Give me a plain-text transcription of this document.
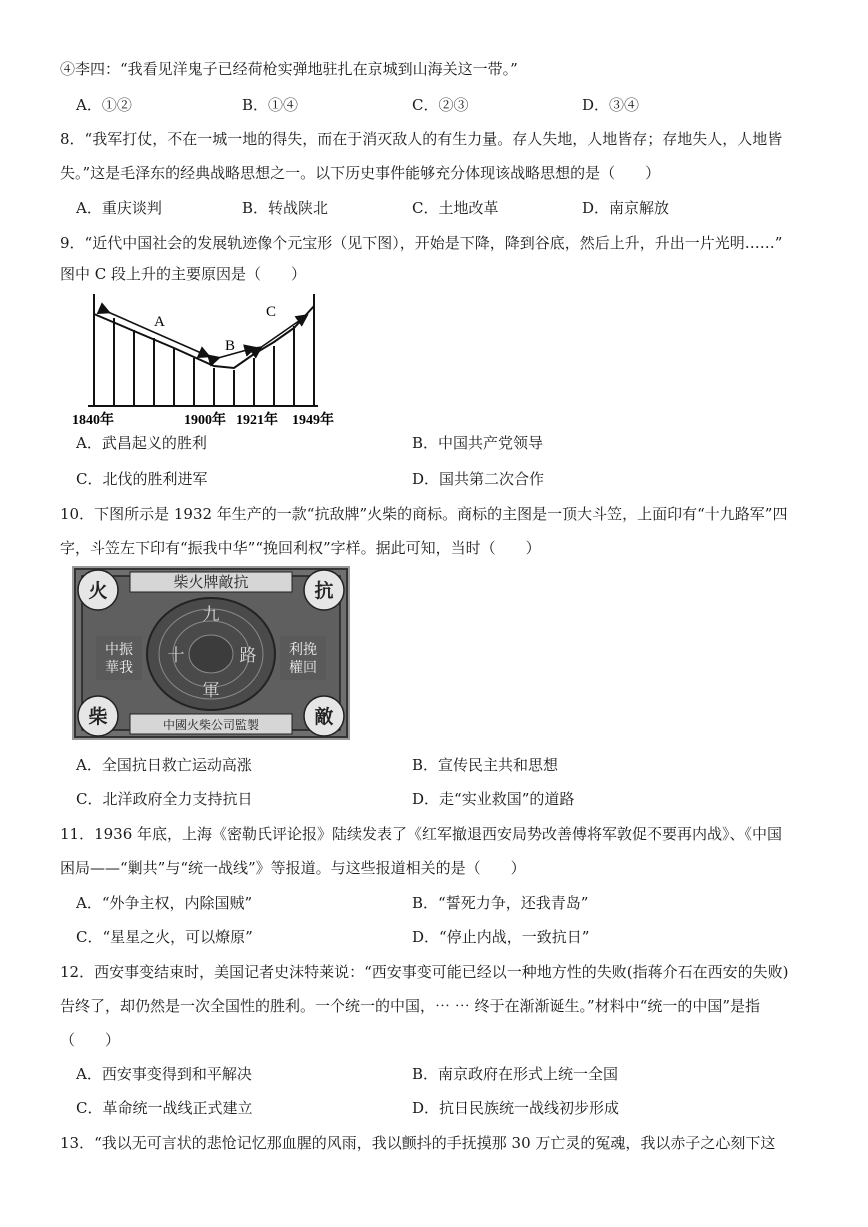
④李四：“我看见洋鬼子已经荷枪实弹地驻扎在京城到山海关这一带。”
A．①②	B．①④	C．②③	D．③④
8．“我军打仗，不在一城一地的得失，而在于消灭敌人的有生力量。存人失地，人地皆存；存地失人，人地皆
失。”这是毛泽东的经典战略思想之一。以下历史事件能够充分体现该战略思想的是（　　）
A．重庆谈判	B．转战陕北	C．土地改革	D．南京解放
9．“近代中国社会的发展轨迹像个元宝形（见下图），开始是下降，降到谷底，然后上升，升出一片光明……”
图中 C 段上升的主要原因是（　　）
A
B
C
1840年	1900年 1921年 1949年
A．武昌起义的胜利	B．中国共产党领导
C．北伐的胜利进军	D．国共第二次合作
10．下图所示是 1932 年生产的一款“抗敌牌”火柴的商标。商标的主图是一顶大斗笠，上面印有“十九路军”四
字，斗笠左下印有“振我中华”“挽回利权”字样。据此可知，当时（　　）
柴火牌敵抗
中國火柴公司監製
火	抗
柴	敵
中振
華我
利挽
權回
九
十	路
軍
A．全国抗日救亡运动高涨	B．宣传民主共和思想
C．北洋政府全力支持抗日	D．走“实业救国”的道路
11．1936 年底，上海《密勒氏评论报》陆续发表了《红军撤退西安局势改善傅将军敦促不要再内战》、《中国
困局——“剿共”与“统一战线”》等报道。与这些报道相关的是（　　）
A．“外争主权，内除国贼”	B．“誓死力争，还我青岛”
C．“星星之火，可以燎原”	D．“停止内战，一致抗日”
12．西安事变结束时，美国记者史沫特莱说：“西安事变可能已经以一种地方性的失败(指蒋介石在西安的失败)
告终了，却仍然是一次全国性的胜利。一个统一的中国，⋯ ⋯ 终于在渐渐诞生。”材料中“统一的中国”是指
（　　）
A．西安事变得到和平解决	B．南京政府在形式上统一全国
C．革命统一战线正式建立	D．抗日民族统一战线初步形成
13．“我以无可言状的悲怆记忆那血腥的风雨，我以颤抖的手抚摸那 30 万亡灵的冤魂，我以赤子之心刻下这
